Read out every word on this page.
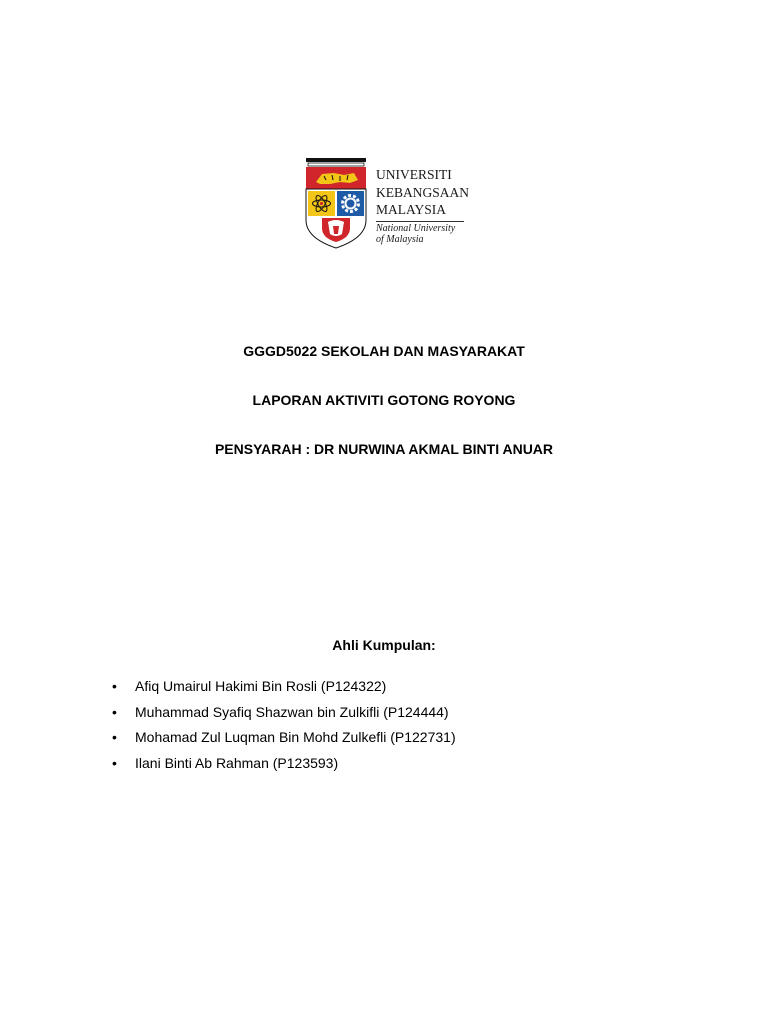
UNIVERSITI
KEBANGSAAN
MALAYSIA
National University
of Malaysia
GGGD5022 SEKOLAH DAN MASYARAKAT
LAPORAN AKTIVITI GOTONG ROYONG
PENSYARAH : DR NURWINA AKMAL BINTI ANUAR
Ahli Kumpulan:
• Afiq Umairul Hakimi Bin Rosli (P124322)
• Muhammad Syafiq Shazwan bin Zulkifli (P124444)
• Mohamad Zul Luqman Bin Mohd Zulkefli (P122731)
• Ilani Binti Ab Rahman (P123593)
